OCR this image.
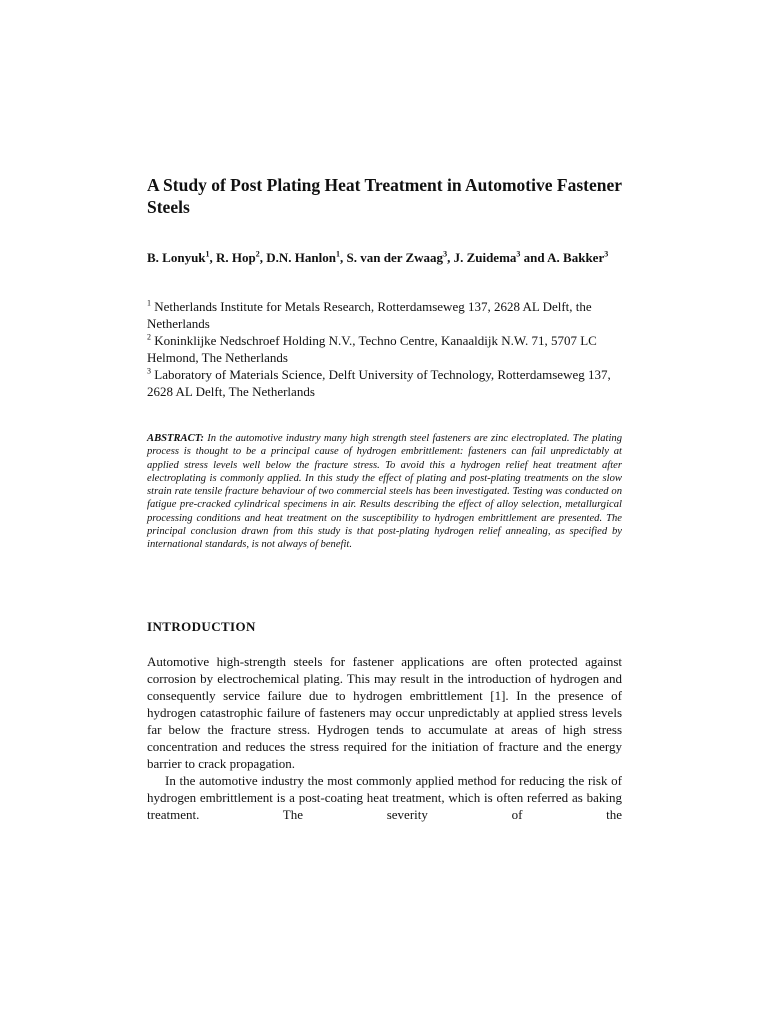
A Study of Post Plating Heat Treatment in Automotive Fastener Steels

B. Lonyuk$^1$, R. Hop$^2$, D.N. Hanlon$^1$, S. van der Zwaag$^3$, J. Zuidema$^3$ and A. Bakker$^3$

$^1$ Netherlands Institute for Metals Research, Rotterdamseweg 137, 2628 AL Delft, the Netherlands

$^2$ Koninklijke Nedschroef Holding N.V., Techno Centre, Kanaaldijk N.W. 71, 5707 LC Helmond, The Netherlands

$^3$ Laboratory of Materials Science, Delft University of Technology, Rotterdamseweg 137, 2628 AL Delft, The Netherlands

ABSTRACT: In the automotive industry many high strength steel fasteners are zinc electroplated. The plating process is thought to be a principal cause of hydrogen embrittlement: fasteners can fail unpredictably at applied stress levels well below the fracture stress. To avoid this a hydrogen relief heat treatment after electroplating is commonly applied. In this study the effect of plating and post-plating treatments on the slow strain rate tensile fracture behaviour of two commercial steels has been investigated. Testing was conducted on fatigue pre-cracked cylindrical specimens in air. Results describing the effect of alloy selection, metallurgical processing conditions and heat treatment on the susceptibility to hydrogen embrittlement are presented. The principal conclusion drawn from this study is that post-plating hydrogen relief annealing, as specified by international standards, is not always of benefit.

INTRODUCTION

Automotive high-strength steels for fastener applications are often protected against corrosion by electrochemical plating. This may result in the introduction of hydrogen and consequently service failure due to hydrogen embrittlement [1]. In the presence of hydrogen catastrophic failure of fasteners may occur unpredictably at applied stress levels far below the fracture stress. Hydrogen tends to accumulate at areas of high stress concentration and reduces the stress required for the initiation of fracture and the energy barrier to crack propagation.

In the automotive industry the most commonly applied method for reducing the risk of hydrogen embrittlement is a post-coating heat treatment, which is often referred as baking treatment. The severity of the
